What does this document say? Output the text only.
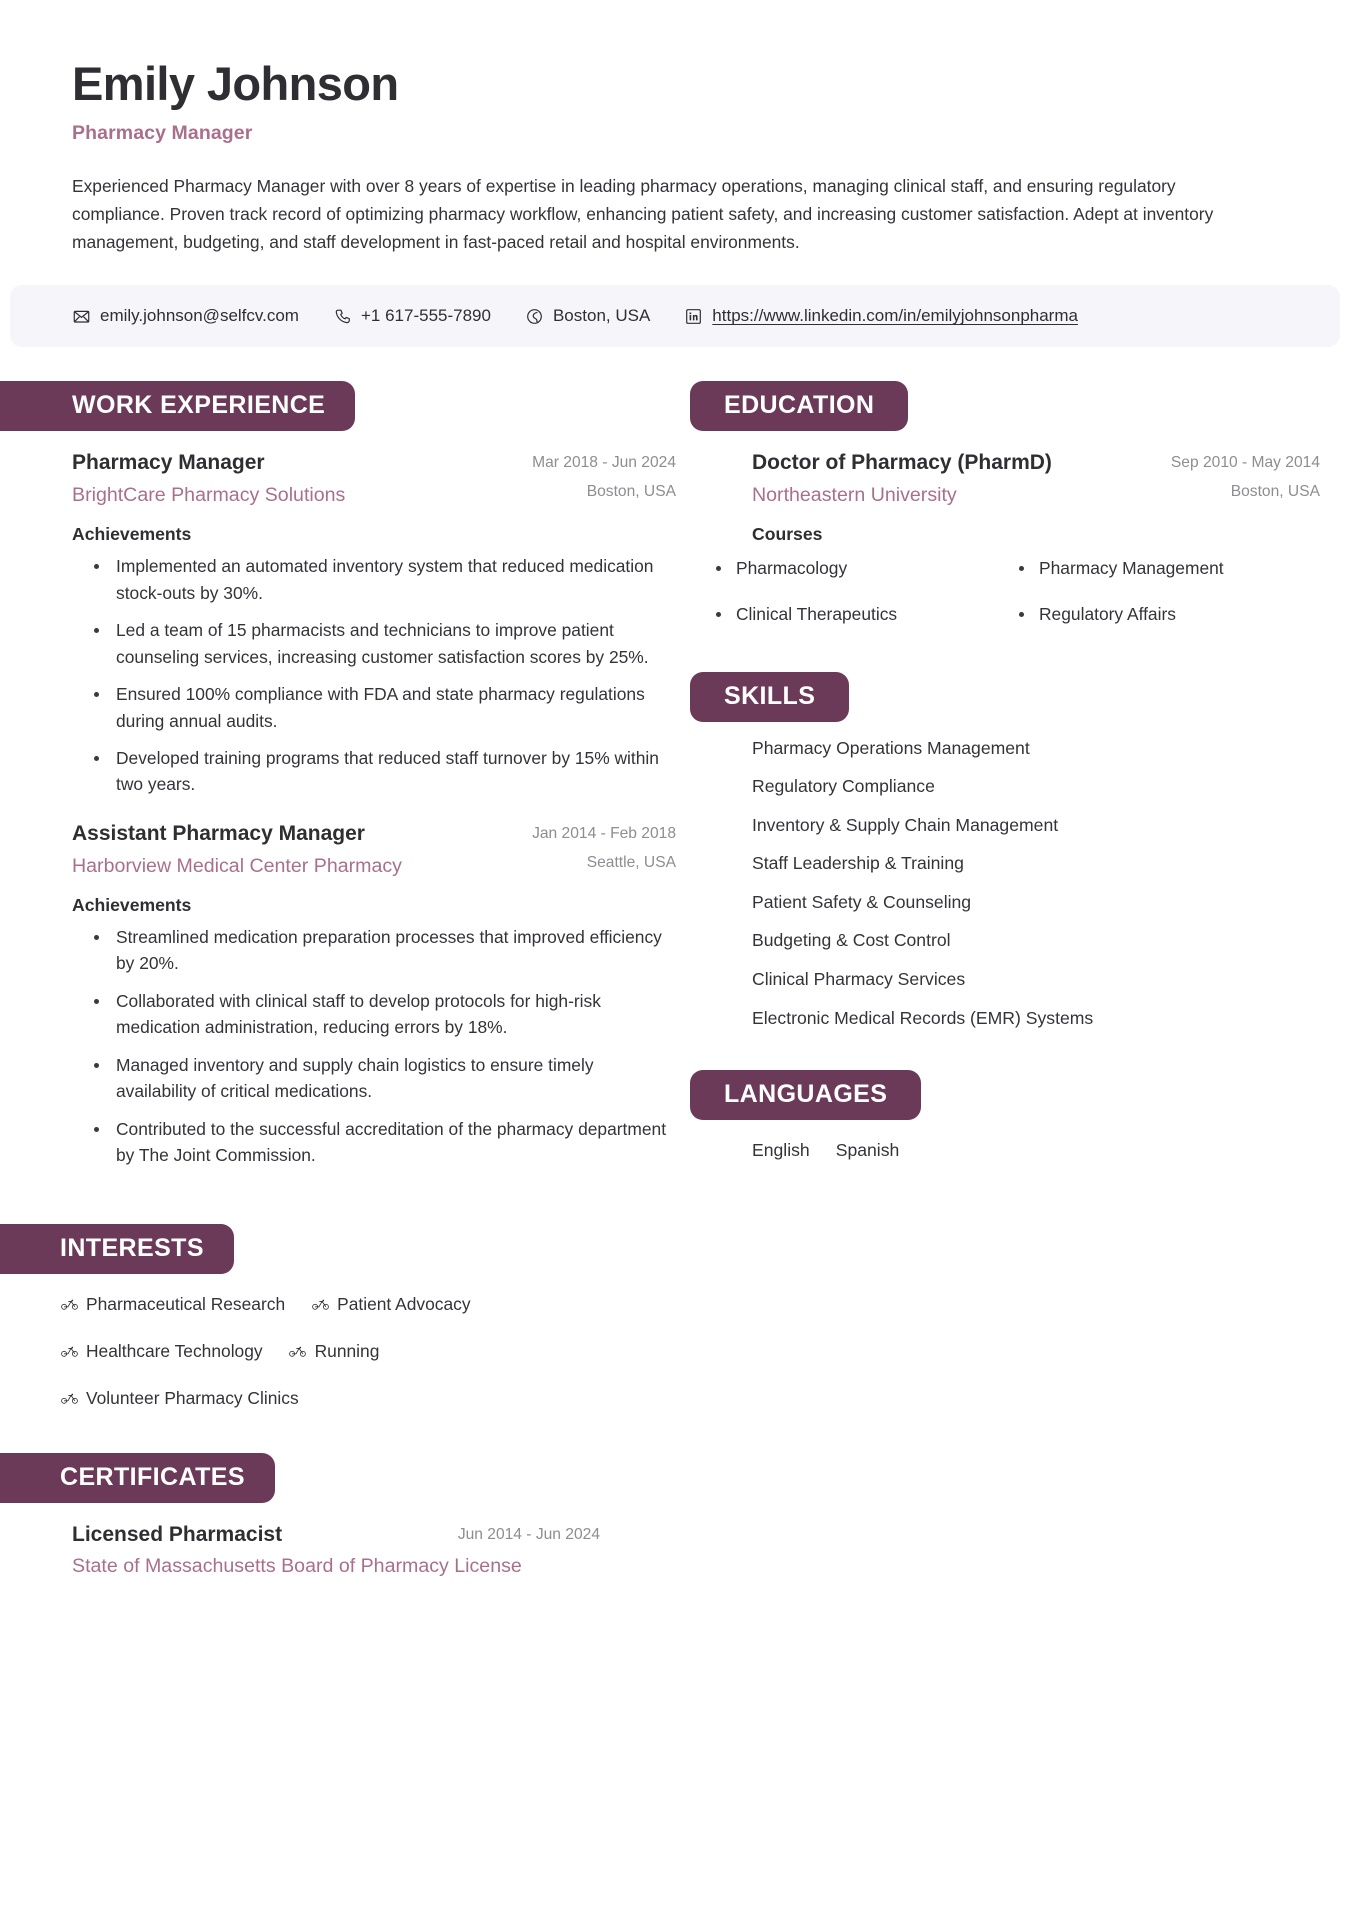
Emily Johnson
Pharmacy Manager
Experienced Pharmacy Manager with over 8 years of expertise in leading pharmacy operations, managing clinical staff, and ensuring regulatory compliance. Proven track record of optimizing pharmacy workflow, enhancing patient safety, and increasing customer satisfaction. Adept at inventory management, budgeting, and staff development in fast-paced retail and hospital environments.
emily.johnson@selfcv.com	+1 617-555-7890	Boston, USA	https://www.linkedin.com/in/emilyjohnsonpharma
WORK EXPERIENCE
Pharmacy Manager	Mar 2018 - Jun 2024
BrightCare Pharmacy Solutions	Boston, USA
Achievements
Implemented an automated inventory system that reduced medication stock-outs by 30%.
Led a team of 15 pharmacists and technicians to improve patient counseling services, increasing customer satisfaction scores by 25%.
Ensured 100% compliance with FDA and state pharmacy regulations during annual audits.
Developed training programs that reduced staff turnover by 15% within two years.
Assistant Pharmacy Manager	Jan 2014 - Feb 2018
Harborview Medical Center Pharmacy	Seattle, USA
Achievements
Streamlined medication preparation processes that improved efficiency by 20%.
Collaborated with clinical staff to develop protocols for high-risk medication administration, reducing errors by 18%.
Managed inventory and supply chain logistics to ensure timely availability of critical medications.
Contributed to the successful accreditation of the pharmacy department by The Joint Commission.
INTERESTS
Pharmaceutical Research	Patient Advocacy
Healthcare Technology	Running
Volunteer Pharmacy Clinics
CERTIFICATES
Licensed Pharmacist	Jun 2014 - Jun 2024
State of Massachusetts Board of Pharmacy License
EDUCATION
Doctor of Pharmacy (PharmD)	Sep 2010 - May 2014
Northeastern University	Boston, USA
Courses
Pharmacology	Pharmacy Management
Clinical Therapeutics	Regulatory Affairs
SKILLS
Pharmacy Operations Management
Regulatory Compliance
Inventory & Supply Chain Management
Staff Leadership & Training
Patient Safety & Counseling
Budgeting & Cost Control
Clinical Pharmacy Services
Electronic Medical Records (EMR) Systems
LANGUAGES
English Spanish
